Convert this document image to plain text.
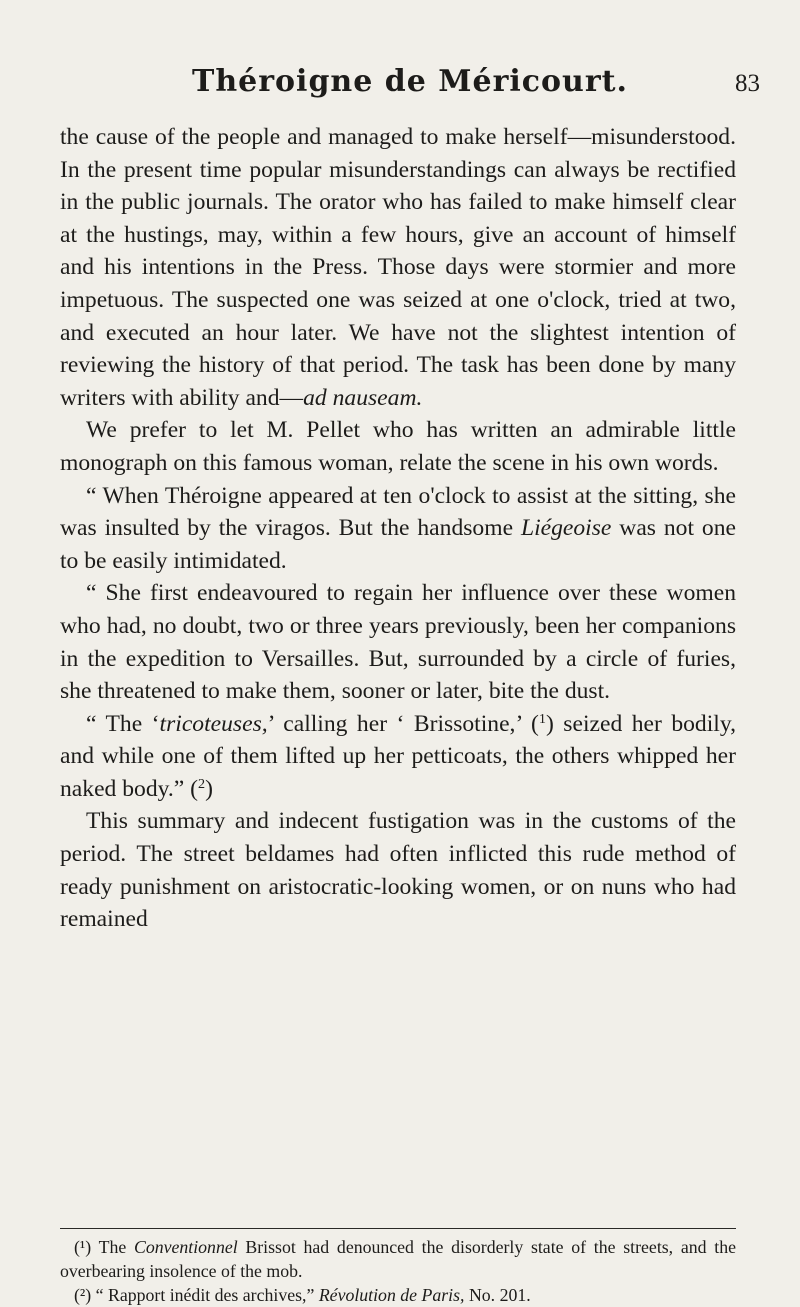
Théroigne de Méricourt.	83

the cause of the people and managed to make herself—misunderstood. In the present time popular misunderstandings can always be rectified in the public journals. The orator who has failed to make himself clear at the hustings, may, within a few hours, give an account of himself and his intentions in the Press. Those days were stormier and more impetuous. The suspected one was seized at one o'clock, tried at two, and executed an hour later. We have not the slightest intention of reviewing the history of that period. The task has been done by many writers with ability and—ad nauseam.

We prefer to let M. Pellet who has written an admirable little monograph on this famous woman, relate the scene in his own words.

“ When Théroigne appeared at ten o'clock to assist at the sitting, she was insulted by the viragos. But the handsome Liégeoise was not one to be easily intimidated.

“ She first endeavoured to regain her influence over these women who had, no doubt, two or three years previously, been her companions in the expedition to Versailles. But, surrounded by a circle of furies, she threatened to make them, sooner or later, bite the dust.

“ The ‘tricoteuses,’ calling her ‘ Brissotine,’ ($^1$) seized her bodily, and while one of them lifted up her petticoats, the others whipped her naked body.” ($^2$)

This summary and indecent fustigation was in the customs of the period. The street beldames had often inflicted this rude method of ready punishment on aristocratic-looking women, or on nuns who had remained

(¹) The Conventionnel Brissot had denounced the disorderly state of the streets, and the overbearing insolence of the mob.

(²) “ Rapport inédit des archives,” Révolution de Paris, No. 201.
